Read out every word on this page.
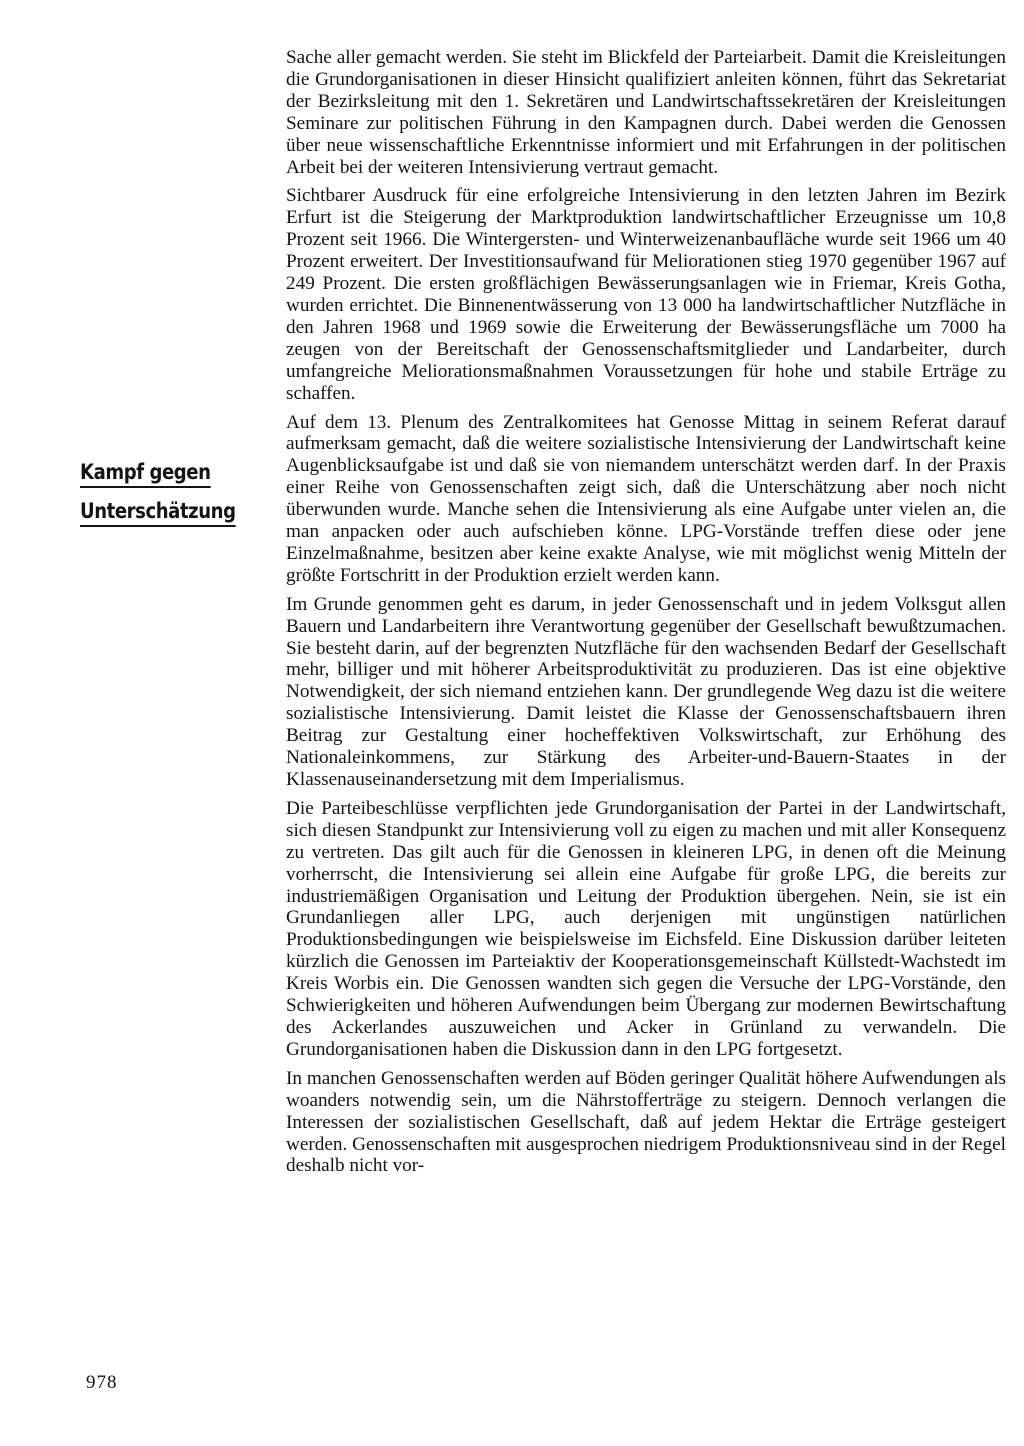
Kampf gegen
Unterschätzung

Sache aller gemacht werden. Sie steht im Blickfeld der Parteiarbeit. Damit die Kreisleitungen die Grundorganisationen in dieser Hinsicht qualifiziert anleiten können, führt das Sekretariat der Bezirksleitung mit den 1. Sekretären und Landwirtschaftssekretären der Kreisleitungen Seminare zur politischen Führung in den Kampagnen durch. Dabei werden die Genossen über neue wissenschaftliche Erkenntnisse informiert und mit Erfahrungen in der politischen Arbeit bei der weiteren Intensivierung vertraut gemacht.

Sichtbarer Ausdruck für eine erfolgreiche Intensivierung in den letzten Jahren im Bezirk Erfurt ist die Steigerung der Marktproduktion landwirtschaftlicher Erzeugnisse um 10,8 Prozent seit 1966. Die Wintergersten- und Winterweizenanbaufläche wurde seit 1966 um 40 Prozent erweitert. Der Investitionsaufwand für Meliorationen stieg 1970 gegenüber 1967 auf 249 Prozent. Die ersten großflächigen Bewässerungsanlagen wie in Friemar, Kreis Gotha, wurden errichtet. Die Binnenentwässerung von 13 000 ha landwirtschaftlicher Nutzfläche in den Jahren 1968 und 1969 sowie die Erweiterung der Bewässerungsfläche um 7000 ha zeugen von der Bereitschaft der Genossenschaftsmitglieder und Landarbeiter, durch umfangreiche Meliorationsmaßnahmen Voraussetzungen für hohe und stabile Erträge zu schaffen.

Auf dem 13. Plenum des Zentralkomitees hat Genosse Mittag in seinem Referat darauf aufmerksam gemacht, daß die weitere sozialistische Intensivierung der Landwirtschaft keine Augenblicksaufgabe ist und daß sie von niemandem unterschätzt werden darf. In der Praxis einer Reihe von Genossenschaften zeigt sich, daß die Unterschätzung aber noch nicht überwunden wurde. Manche sehen die Intensivierung als eine Aufgabe unter vielen an, die man anpacken oder auch aufschieben könne. LPG-Vorstände treffen diese oder jene Einzelmaßnahme, besitzen aber keine exakte Analyse, wie mit möglichst wenig Mitteln der größte Fortschritt in der Produktion erzielt werden kann.

Im Grunde genommen geht es darum, in jeder Genossenschaft und in jedem Volksgut allen Bauern und Landarbeitern ihre Verantwortung gegenüber der Gesellschaft bewußtzumachen. Sie besteht darin, auf der begrenzten Nutzfläche für den wachsenden Bedarf der Gesellschaft mehr, billiger und mit höherer Arbeitsproduktivität zu produzieren. Das ist eine objektive Notwendigkeit, der sich niemand entziehen kann. Der grundlegende Weg dazu ist die weitere sozialistische Intensivierung. Damit leistet die Klasse der Genossenschaftsbauern ihren Beitrag zur Gestaltung einer hocheffektiven Volkswirtschaft, zur Erhöhung des Nationaleinkommens, zur Stärkung des Arbeiter-und-Bauern-Staates in der Klassenauseinandersetzung mit dem Imperialismus.

Die Parteibeschlüsse verpflichten jede Grundorganisation der Partei in der Landwirtschaft, sich diesen Standpunkt zur Intensivierung voll zu eigen zu machen und mit aller Konsequenz zu vertreten. Das gilt auch für die Genossen in kleineren LPG, in denen oft die Meinung vorherrscht, die Intensivierung sei allein eine Aufgabe für große LPG, die bereits zur industriemäßigen Organisation und Leitung der Produktion übergehen. Nein, sie ist ein Grundanliegen aller LPG, auch derjenigen mit ungünstigen natürlichen Produktionsbedingungen wie beispielsweise im Eichsfeld. Eine Diskussion darüber leiteten kürzlich die Genossen im Parteiaktiv der Kooperationsgemeinschaft Küllstedt-Wachstedt im Kreis Worbis ein. Die Genossen wandten sich gegen die Versuche der LPG-Vorstände, den Schwierigkeiten und höheren Aufwendungen beim Übergang zur modernen Bewirtschaftung des Ackerlandes auszuweichen und Acker in Grünland zu verwandeln. Die Grundorganisationen haben die Diskussion dann in den LPG fortgesetzt.

In manchen Genossenschaften werden auf Böden geringer Qualität höhere Aufwendungen als woanders notwendig sein, um die Nährstofferträge zu steigern. Dennoch verlangen die Interessen der sozialistischen Gesellschaft, daß auf jedem Hektar die Erträge gesteigert werden. Genossenschaften mit ausgesprochen niedrigem Produktionsniveau sind in der Regel deshalb nicht vor-

978
